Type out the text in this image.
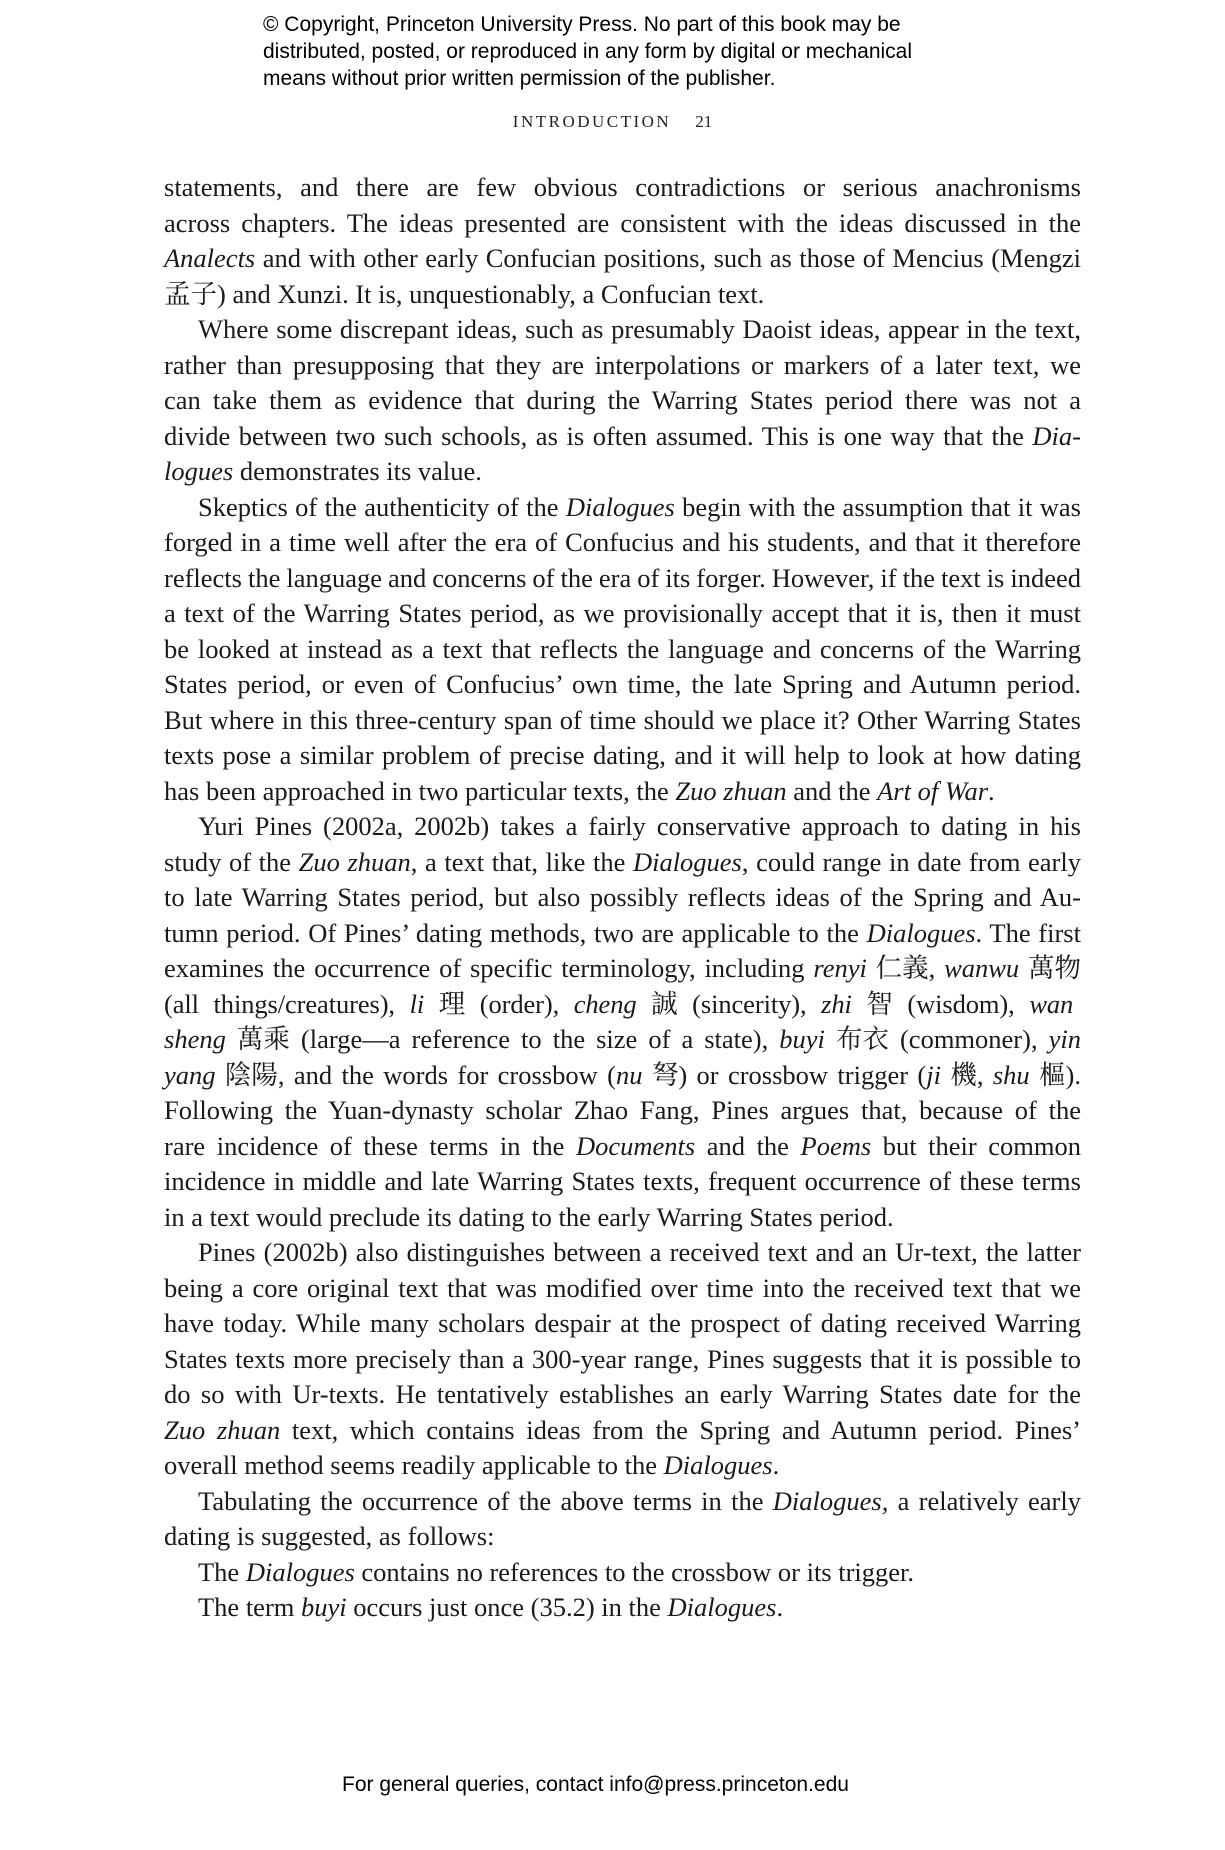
© Copyright, Princeton University Press. No part of this book may be
distributed, posted, or reproduced in any form by digital or mechanical
means without prior written permission of the publisher.
INTRODUCTION 21
statements, and there are few obvious contradictions or serious anachronisms
across chapters. The ideas presented are consistent with the ideas discussed in the
Analects and with other early Confucian positions, such as those of Mencius (Mengzi
孟子) and Xunzi. It is, unquestionably, a Confucian text.
Where some discrepant ideas, such as presumably Daoist ideas, appear in the text,
rather than presupposing that they are interpolations or markers of a later text, we
can take them as evidence that during the Warring States period there was not a
divide between two such schools, as is often assumed. This is one way that the Dia-
logues demonstrates its value.
Skeptics of the authenticity of the Dialogues begin with the assumption that it was
forged in a time well after the era of Confucius and his students, and that it therefore
reflects the language and concerns of the era of its forger. However, if the text is indeed
a text of the Warring States period, as we provisionally accept that it is, then it must
be looked at instead as a text that reflects the language and concerns of the Warring
States period, or even of Confucius’ own time, the late Spring and Autumn period.
But where in this three-century span of time should we place it? Other Warring States
texts pose a similar problem of precise dating, and it will help to look at how dating
has been approached in two particular texts, the Zuo zhuan and the Art of War.
Yuri Pines (2002a, 2002b) takes a fairly conservative approach to dating in his
study of the Zuo zhuan, a text that, like the Dialogues, could range in date from early
to late Warring States period, but also possibly reflects ideas of the Spring and Au-
tumn period. Of Pines’ dating methods, two are applicable to the Dialogues. The first
examines the occurrence of specific terminology, including renyi 仁義, wanwu 萬物
(all things/creatures), li 理 (order), cheng 誠 (sincerity), zhi 智 (wisdom), wan
sheng 萬乘 (large—a reference to the size of a state), buyi 布衣 (commoner), yin
yang 陰陽, and the words for crossbow (nu 弩) or crossbow trigger (ji 機, shu 樞).
Following the Yuan-dynasty scholar Zhao Fang, Pines argues that, because of the
rare incidence of these terms in the Documents and the Poems but their common
incidence in middle and late Warring States texts, frequent occurrence of these terms
in a text would preclude its dating to the early Warring States period.
Pines (2002b) also distinguishes between a received text and an Ur-text, the latter
being a core original text that was modified over time into the received text that we
have today. While many scholars despair at the prospect of dating received Warring
States texts more precisely than a 300-year range, Pines suggests that it is possible to
do so with Ur-texts. He tentatively establishes an early Warring States date for the
Zuo zhuan text, which contains ideas from the Spring and Autumn period. Pines’
overall method seems readily applicable to the Dialogues.
Tabulating the occurrence of the above terms in the Dialogues, a relatively early
dating is suggested, as follows:
The Dialogues contains no references to the crossbow or its trigger.
The term buyi occurs just once (35.2) in the Dialogues.
For general queries, contact info@press.princeton.edu
